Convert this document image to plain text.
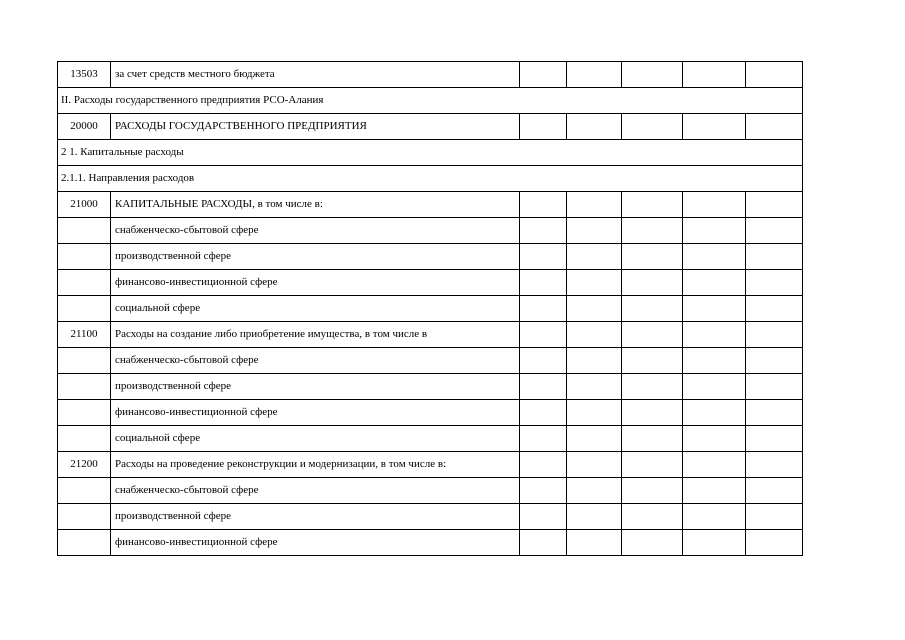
13503	за счет средств местного бюджета					
II. Расходы государственного предприятия РСО-Алания						
20000	РАСХОДЫ ГОСУДАРСТВЕННОГО ПРЕДПРИЯТИЯ					
2 1. Капитальные расходы						
2.1.1. Направления расходов						
21000	КАПИТАЛЬНЫЕ РАСХОДЫ, в том числе в:					
	снабженческо-сбытовой сфере					
	производственной сфере					
	финансово-инвестиционной сфере					
	социальной сфере					
21100	Расходы на создание либо приобретение имущества, в том числе в					
	снабженческо-сбытовой сфере					
	производственной сфере					
	финансово-инвестиционной сфере					
	социальной сфере					
21200	Расходы на проведение реконструкции и модернизации, в том числе в:					
	снабженческо-сбытовой сфере					
	производственной сфере					
	финансово-инвестиционной сфере					
